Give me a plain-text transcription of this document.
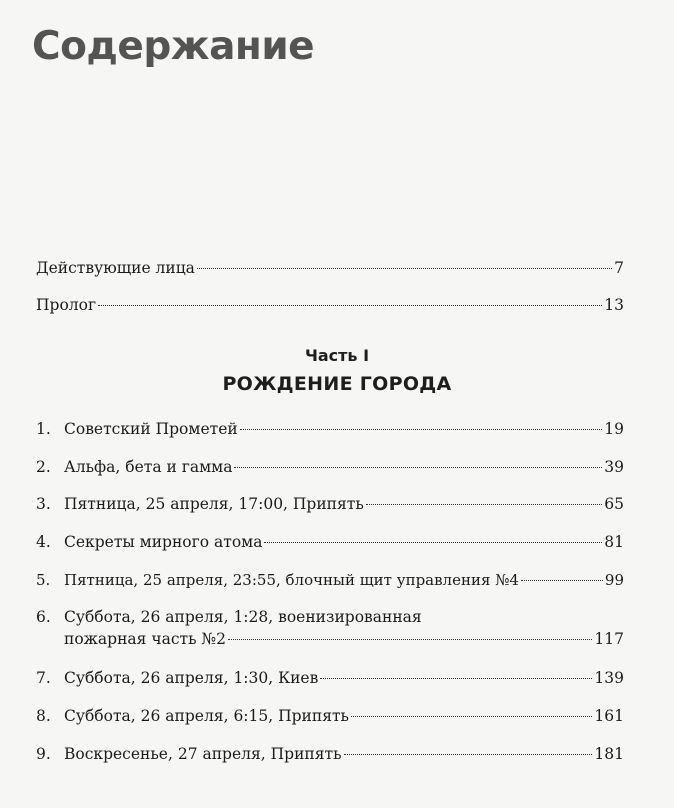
Содержание
Действующие лица	7
Пролог	13
Часть I
РОЖДЕНИЕ ГОРОДА
1. Советский Прометей	19
2. Альфа, бета и гамма	39
3. Пятница, 25 апреля, 17:00, Припять	65
4. Секреты мирного атома	81
5. Пятница, 25 апреля, 23:55, блочный щит управления №4	99
6. Суббота, 26 апреля, 1:28, военизированная
пожарная часть №2	117
7. Суббота, 26 апреля, 1:30, Киев	139
8. Суббота, 26 апреля, 6:15, Припять	161
9. Воскресенье, 27 апреля, Припять	181
